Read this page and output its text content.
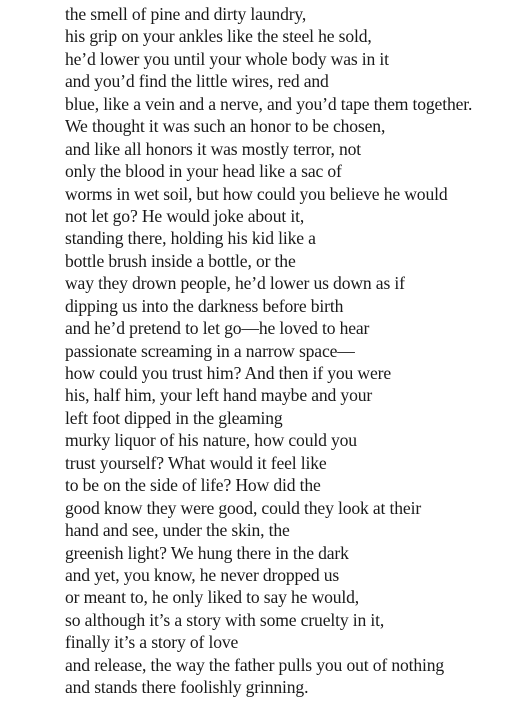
the smell of pine and dirty laundry,
his grip on your ankles like the steel he sold,
he’d lower you until your whole body was in it
and you’d find the little wires, red and
blue, like a vein and a nerve, and you’d tape them together.
We thought it was such an honor to be chosen,
and like all honors it was mostly terror, not
only the blood in your head like a sac of
worms in wet soil, but how could you believe he would
not let go? He would joke about it,
standing there, holding his kid like a
bottle brush inside a bottle, or the
way they drown people, he’d lower us down as if
dipping us into the darkness before birth
and he’d pretend to let go—he loved to hear
passionate screaming in a narrow space—
how could you trust him? And then if you were
his, half him, your left hand maybe and your
left foot dipped in the gleaming
murky liquor of his nature, how could you
trust yourself? What would it feel like
to be on the side of life? How did the
good know they were good, could they look at their
hand and see, under the skin, the
greenish light? We hung there in the dark
and yet, you know, he never dropped us
or meant to, he only liked to say he would,
so although it’s a story with some cruelty in it,
finally it’s a story of love
and release, the way the father pulls you out of nothing
and stands there foolishly grinning.
